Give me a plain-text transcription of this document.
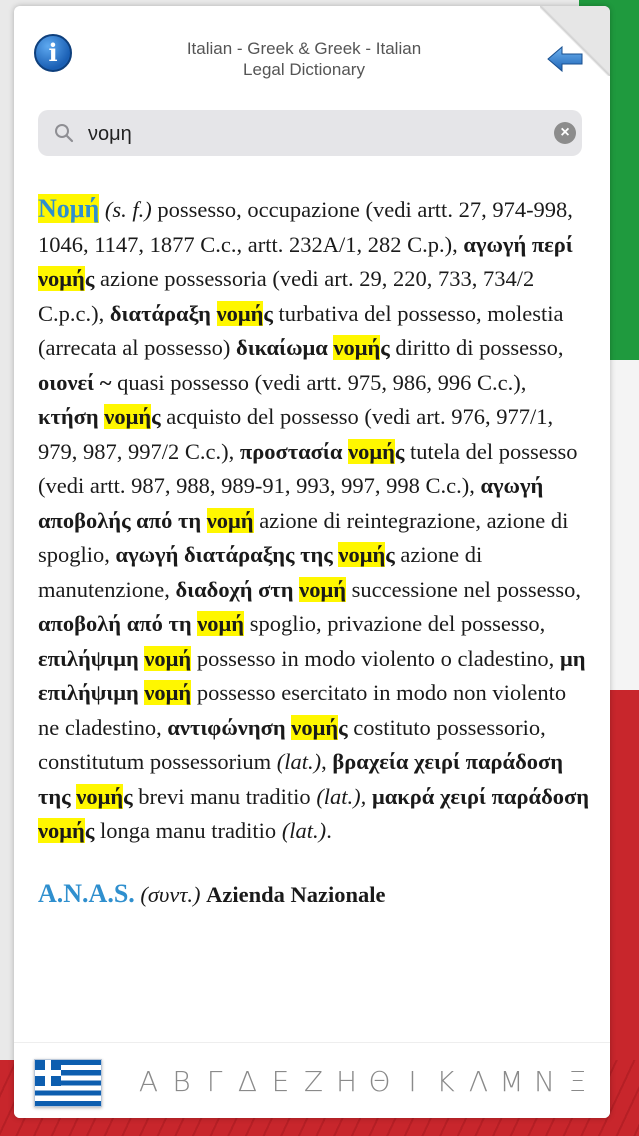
i	Italian - Greek & Greek - Italian
Legal Dictionary
νομη
×

Νομή (s. f.) possesso, occupazione (vedi artt. 27, 974-998, 1046, 1147, 1877 C.c., artt. 232A/1, 282 C.p.), αγωγή περί νομής azione possessoria (vedi art. 29, 220, 733, 734/2 C.p.c.), διατάραξη νομής turbativa del possesso, molestia (arrecata al possesso) δικαίωμα νομής diritto di possesso, οιονεί ~ quasi possesso (vedi artt. 975, 986, 996 C.c.), κτήση νομής acquisto del possesso (vedi art. 976, 977/1, 979, 987, 997/2 C.c.), προστασία νομής tutela del possesso (vedi artt. 987, 988, 989-91, 993, 997, 998 C.c.), αγωγή αποβολής από τη νομή azione di reintegrazione, azione di spoglio, αγωγή διατάραξης της νομής azione di manutenzione, διαδοχή στη νομή successione nel possesso, αποβολή από τη νομή spoglio, privazione del possesso, επιλήψιμη νομή possesso in modo violento o cladestino, μη επιλήψιμη νομή possesso esercitato in modo non violento ne cladestino, αντιφώνηση νομής costituto possessorio, constitutum possessorium (lat.), βραχεία χειρί παράδοση της νομής brevi manu traditio (lat.), μακρά χειρί παράδοση νομής longa manu traditio (lat.).

A.N.A.S. (συντ.) Azienda Nazionale

Α Β Γ Δ Ε Ζ Η Θ Ι Κ Λ Μ Ν Ξ
